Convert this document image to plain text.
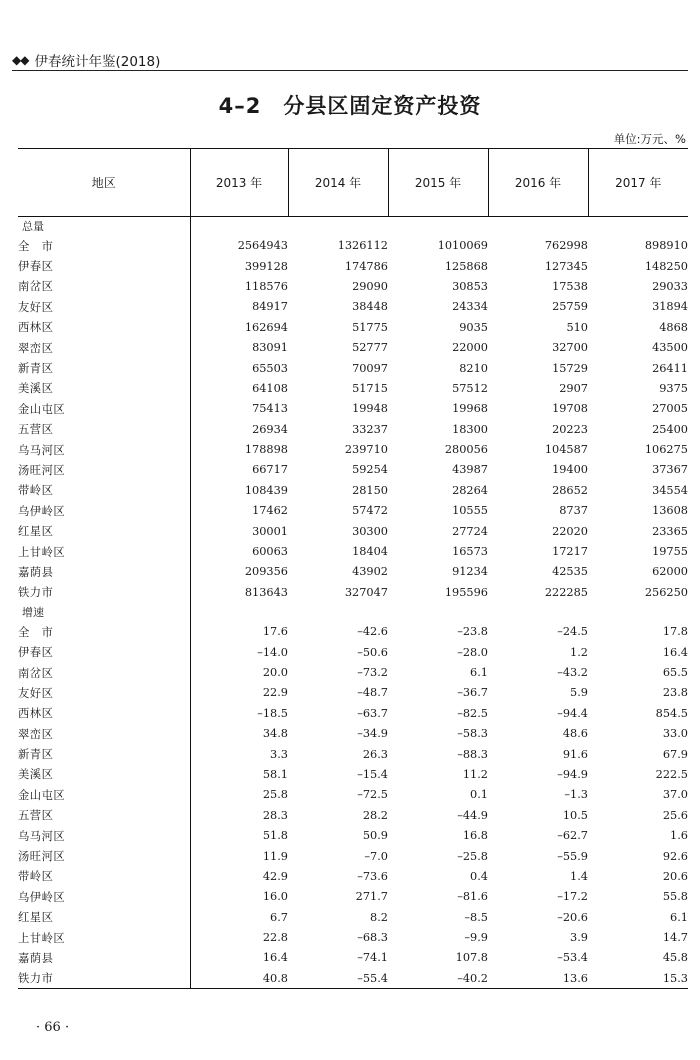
◆◆ 伊春统计年鉴(2018)
4–2 分县区固定资产投资
单位:万元、%
地区	2013 年	2014 年	2015 年	2016 年	2017 年
总量					
全　市	2564943	1326112	1010069	762998	898910
伊春区	399128	174786	125868	127345	148250
南岔区	118576	29090	30853	17538	29033
友好区	84917	38448	24334	25759	31894
西林区	162694	51775	9035	510	4868
翠峦区	83091	52777	22000	32700	43500
新青区	65503	70097	8210	15729	26411
美溪区	64108	51715	57512	2907	9375
金山屯区	75413	19948	19968	19708	27005
五营区	26934	33237	18300	20223	25400
乌马河区	178898	239710	280056	104587	106275
汤旺河区	66717	59254	43987	19400	37367
带岭区	108439	28150	28264	28652	34554
乌伊岭区	17462	57472	10555	8737	13608
红星区	30001	30300	27724	22020	23365
上甘岭区	60063	18404	16573	17217	19755
嘉荫县	209356	43902	91234	42535	62000
铁力市	813643	327047	195596	222285	256250
增速					
全　市	17.6	–42.6	–23.8	–24.5	17.8
伊春区	–14.0	–50.6	–28.0	1.2	16.4
南岔区	20.0	–73.2	6.1	–43.2	65.5
友好区	22.9	–48.7	–36.7	5.9	23.8
西林区	–18.5	–63.7	–82.5	–94.4	854.5
翠峦区	34.8	–34.9	–58.3	48.6	33.0
新青区	3.3	26.3	–88.3	91.6	67.9
美溪区	58.1	–15.4	11.2	–94.9	222.5
金山屯区	25.8	–72.5	0.1	–1.3	37.0
五营区	28.3	28.2	–44.9	10.5	25.6
乌马河区	51.8	50.9	16.8	–62.7	1.6
汤旺河区	11.9	–7.0	–25.8	–55.9	92.6
带岭区	42.9	–73.6	0.4	1.4	20.6
乌伊岭区	16.0	271.7	–81.6	–17.2	55.8
红星区	6.7	8.2	–8.5	–20.6	6.1
上甘岭区	22.8	–68.3	–9.9	3.9	14.7
嘉荫县	16.4	–74.1	107.8	–53.4	45.8
铁力市	40.8	–55.4	–40.2	13.6	15.3
· 66 ·
